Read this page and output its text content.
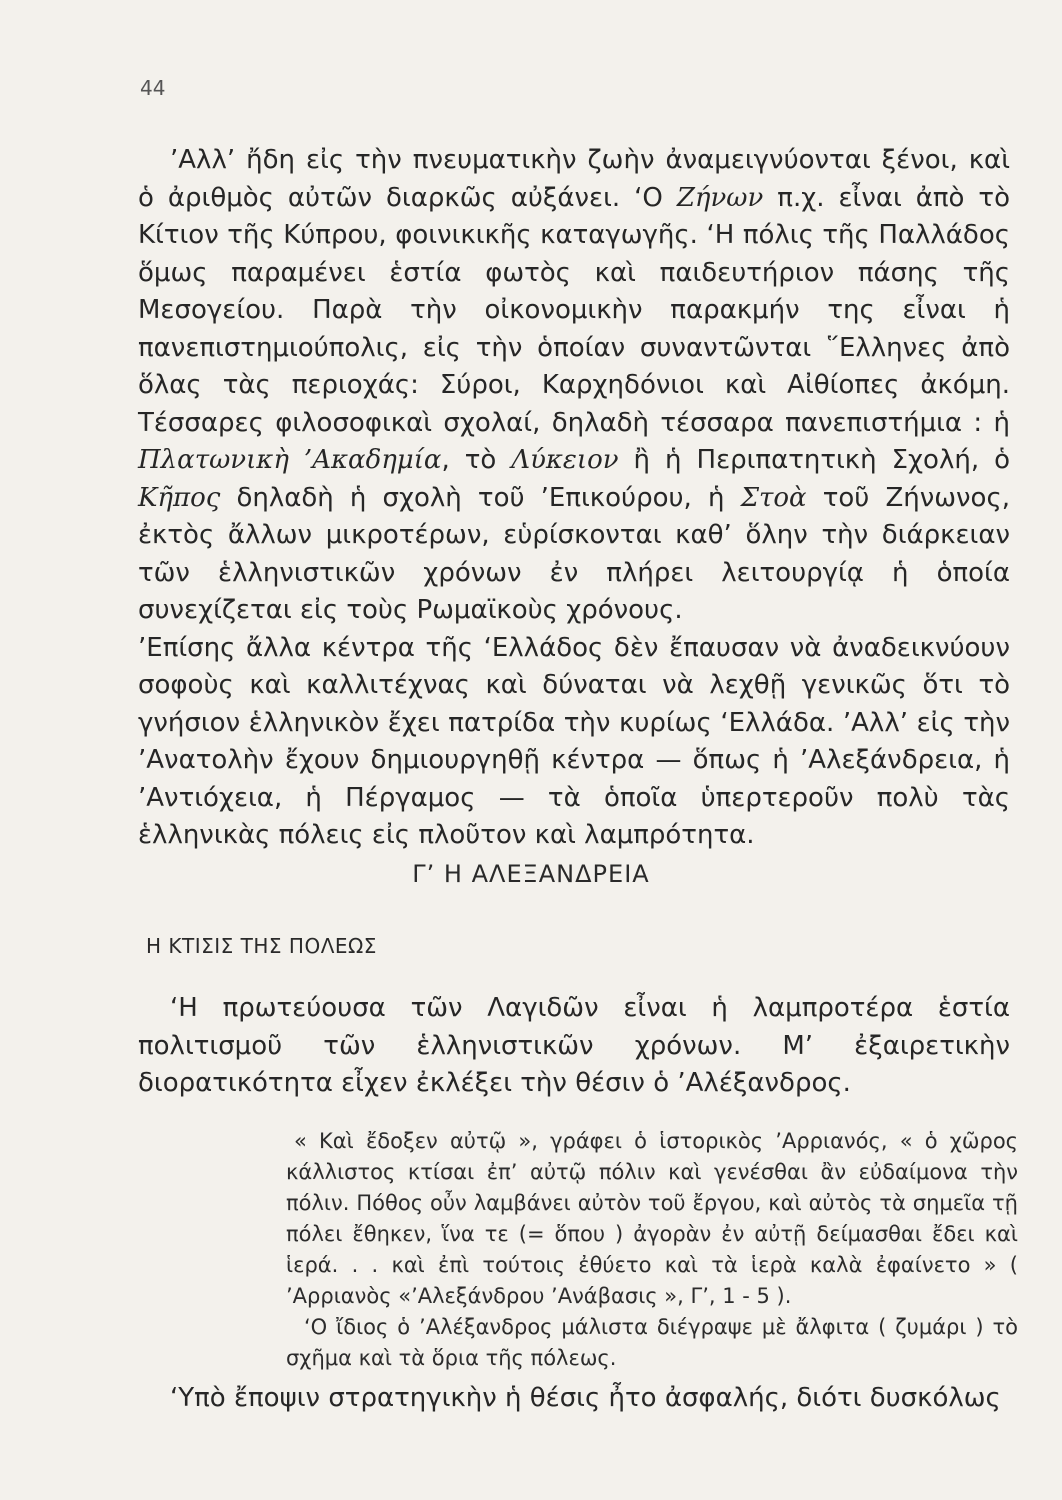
44

’Αλλ’ ἤδη εἰς τὴν πνευματικὴν ζωὴν ἀναμειγνύονται ξένοι, καὶ ὁ ἀριθμὸς αὐτῶν διαρκῶς αὐξάνει. ‘Ο Ζήνων π.χ. εἶναι ἀπὸ τὸ Κίτιον τῆς Κύπρου, φοινικικῆς καταγωγῆς. ‘Η πόλις τῆς Παλλάδος ὅμως παραμένει ἑστία φωτὸς καὶ παιδευτήριον πάσης τῆς Μεσογείου. Παρὰ τὴν οἰκονομικὴν παρακμήν της εἶναι ἡ πανεπιστημιούπολις, εἰς τὴν ὁποίαν συναντῶνται ῞Ελληνες ἀπὸ ὅλας τὰς περιοχάς: Σύροι, Καρχηδόνιοι καὶ Αἰθίοπες ἀκόμη. Τέσσαρες φιλοσοφικαὶ σχολαί, δηλαδὴ τέσσαρα πανεπιστήμια : ἡ Πλατωνικὴ ’Ακαδημία, τὸ Λύκειον ἢ ἡ Περιπατητικὴ Σχολή, ὁ Κῆπος δηλαδὴ ἡ σχολὴ τοῦ ’Επικούρου, ἡ Στοὰ τοῦ Ζήνωνος, ἐκτὸς ἄλλων μικροτέρων, εὑρίσκονται καθ’ ὅλην τὴν διάρκειαν τῶν ἑλληνιστικῶν χρόνων ἐν πλήρει λειτουργίᾳ ἡ ὁποία συνεχίζεται εἰς τοὺς Ρωμαϊκοὺς χρόνους.

’Επίσης ἄλλα κέντρα τῆς ‘Ελλάδος δὲν ἔπαυσαν νὰ ἀναδεικνύουν σοφοὺς καὶ καλλιτέχνας καὶ δύναται νὰ λεχθῇ γενικῶς ὅτι τὸ γνήσιον ἑλληνικὸν ἔχει πατρίδα τὴν κυρίως ‘Ελλάδα. ’Αλλ’ εἰς τὴν ’Ανατολὴν ἔχουν δημιουργηθῇ κέντρα — ὅπως ἡ ’Αλεξάνδρεια, ἡ ’Αντιόχεια, ἡ Πέργαμος — τὰ ὁποῖα ὑπερτεροῦν πολὺ τὰς ἑλληνικὰς πόλεις εἰς πλοῦτον καὶ λαμπρότητα.

Γ’ Η ΑΛΕΞΑΝΔΡΕΙΑ
Η ΚΤΙΣΙΣ ΤΗΣ ΠΟΛΕΩΣ

‘Η πρωτεύουσα τῶν Λαγιδῶν εἶναι ἡ λαμπροτέρα ἑστία πολιτισμοῦ τῶν ἑλληνιστικῶν χρόνων. Μ’ ἐξαιρετικὴν διορατικότητα εἶχεν ἐκλέξει τὴν θέσιν ὁ ’Αλέξανδρος.

« Καὶ ἔδοξεν αὐτῷ », γράφει ὁ ἱστορικὸς ’Αρριανός, « ὁ χῶρος κάλλιστος κτίσαι ἐπ’ αὐτῷ πόλιν καὶ γενέσθαι ἂν εὐδαίμονα τὴν πόλιν. Πόθος οὖν λαμβάνει αὐτὸν τοῦ ἔργου, καὶ αὐτὸς τὰ σημεῖα τῇ πόλει ἔθηκεν, ἵνα τε (= ὅπου ) ἀγορὰν ἐν αὐτῇ δείμασθαι ἔδει καὶ ἱερά. . . καὶ ἐπὶ τούτοις ἐθύετο καὶ τὰ ἱερὰ καλὰ ἐφαίνετο » ( ’Αρριανὸς «’Αλεξάνδρου ’Ανάβασις », Γ’, 1 - 5 ).

‘Ο ἴδιος ὁ ’Αλέξανδρος μάλιστα διέγραψε μὲ ἄλφιτα ( ζυμάρι ) τὸ σχῆμα καὶ τὰ ὅρια τῆς πόλεως.

‘Υπὸ ἔποψιν στρατηγικὴν ἡ θέσις ἦτο ἀσφαλής, διότι δυσκόλως
